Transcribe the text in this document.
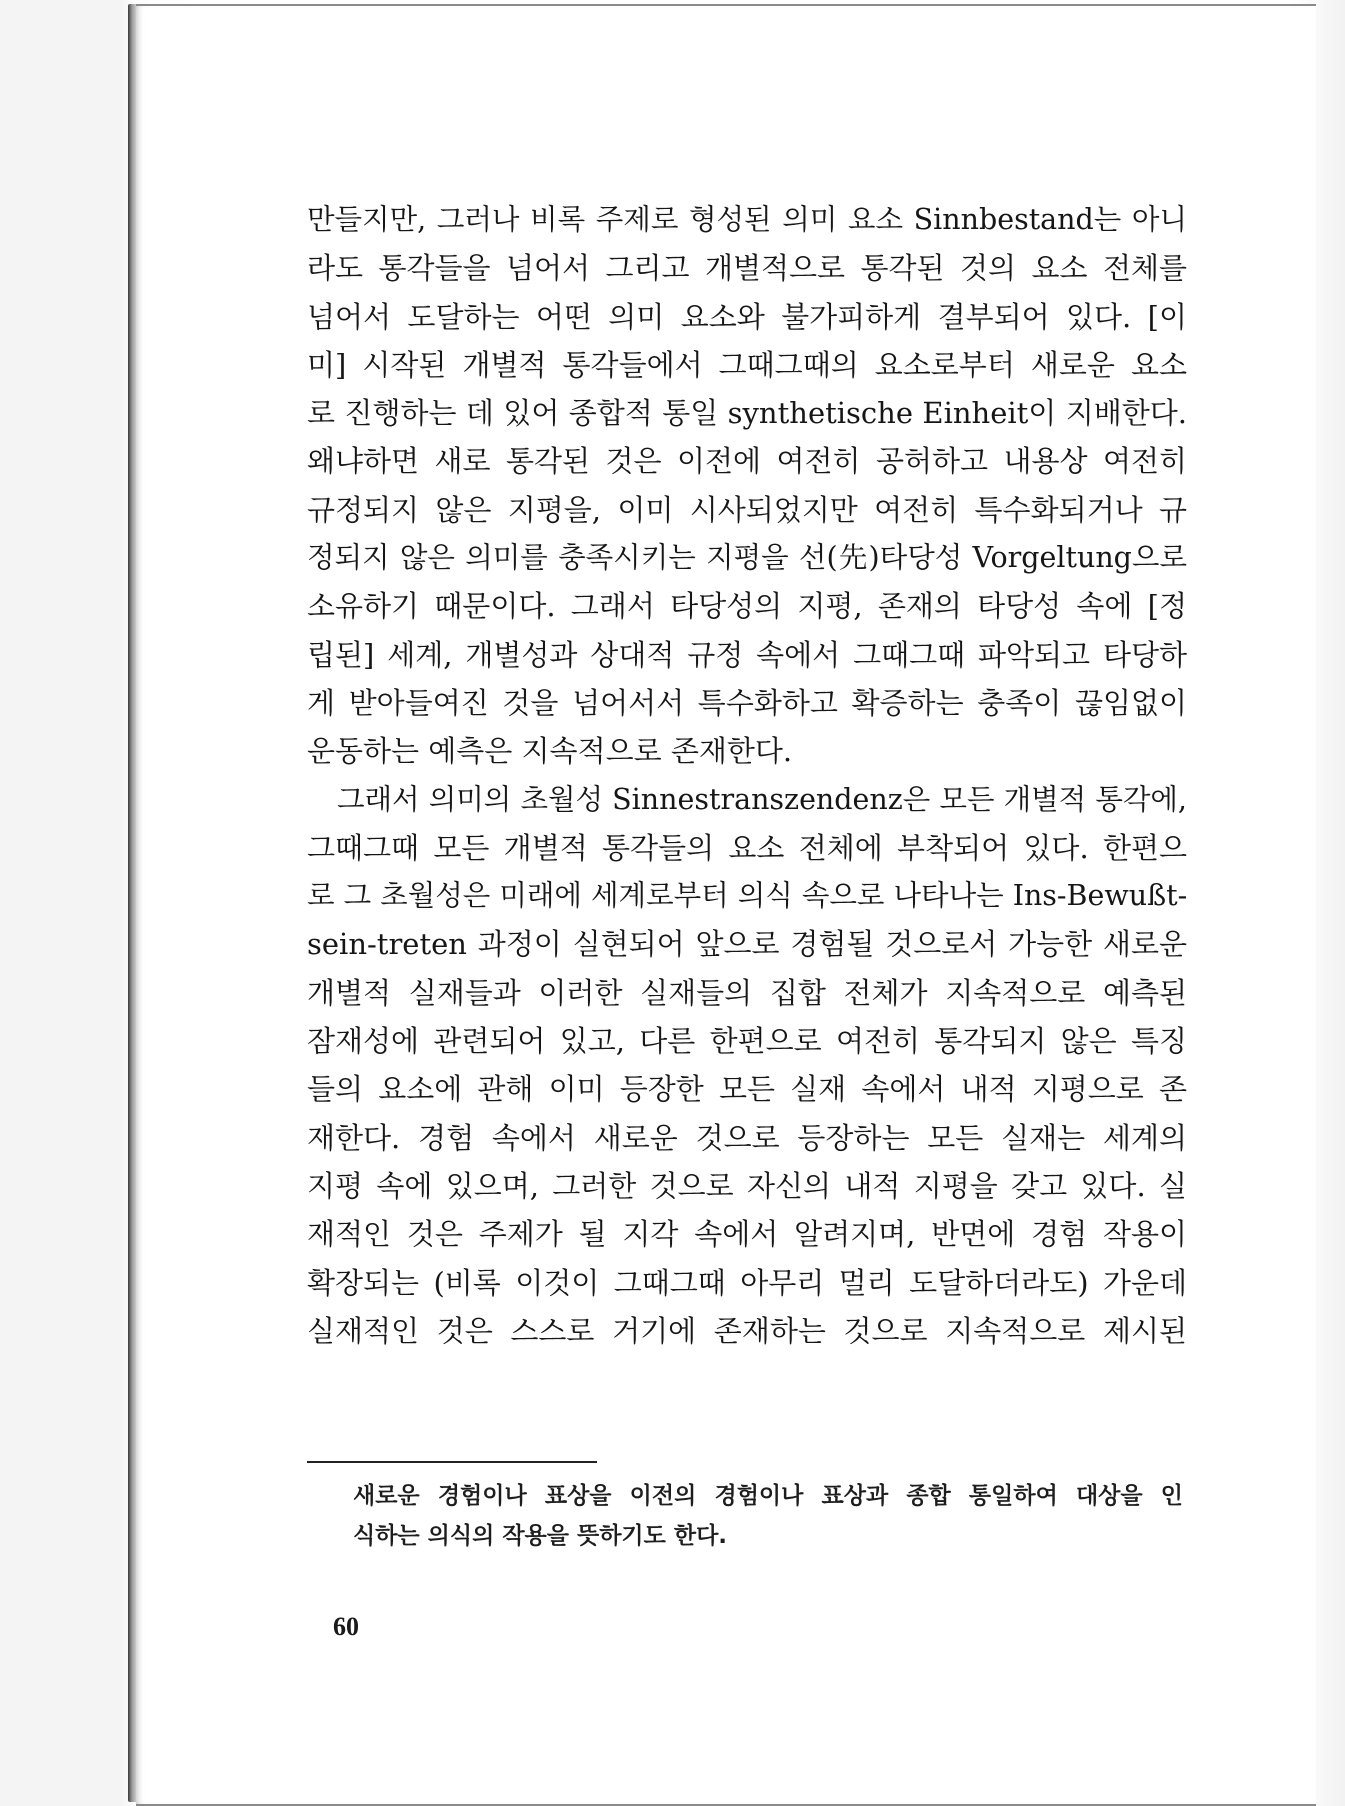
만들지만, 그러나 비록 주제로 형성된 의미 요소 Sinnbestand는 아니
라도 통각들을 넘어서 그리고 개별적으로 통각된 것의 요소 전체를
넘어서 도달하는 어떤 의미 요소와 불가피하게 결부되어 있다. [이
미] 시작된 개별적 통각들에서 그때그때의 요소로부터 새로운 요소
로 진행하는 데 있어 종합적 통일 synthetische Einheit이 지배한다.
왜냐하면 새로 통각된 것은 이전에 여전히 공허하고 내용상 여전히
규정되지 않은 지평을, 이미 시사되었지만 여전히 특수화되거나 규
정되지 않은 의미를 충족시키는 지평을 선(先)타당성 Vorgeltung으로
소유하기 때문이다. 그래서 타당성의 지평, 존재의 타당성 속에 [정
립된] 세계, 개별성과 상대적 규정 속에서 그때그때 파악되고 타당하
게 받아들여진 것을 넘어서서 특수화하고 확증하는 충족이 끊임없이
운동하는 예측은 지속적으로 존재한다.
그래서 의미의 초월성 Sinnestranszendenz은 모든 개별적 통각에,
그때그때 모든 개별적 통각들의 요소 전체에 부착되어 있다. 한편으
로 그 초월성은 미래에 세계로부터 의식 속으로 나타나는 Ins-Bewußt-
sein-treten 과정이 실현되어 앞으로 경험될 것으로서 가능한 새로운
개별적 실재들과 이러한 실재들의 집합 전체가 지속적으로 예측된
잠재성에 관련되어 있고, 다른 한편으로 여전히 통각되지 않은 특징
들의 요소에 관해 이미 등장한 모든 실재 속에서 내적 지평으로 존
재한다. 경험 속에서 새로운 것으로 등장하는 모든 실재는 세계의
지평 속에 있으며, 그러한 것으로 자신의 내적 지평을 갖고 있다. 실
재적인 것은 주제가 될 지각 속에서 알려지며, 반면에 경험 작용이
확장되는 (비록 이것이 그때그때 아무리 멀리 도달하더라도) 가운데
실재적인 것은 스스로 거기에 존재하는 것으로 지속적으로 제시된
새로운 경험이나 표상을 이전의 경험이나 표상과 종합 통일하여 대상을 인
식하는 의식의 작용을 뜻하기도 한다.
60
